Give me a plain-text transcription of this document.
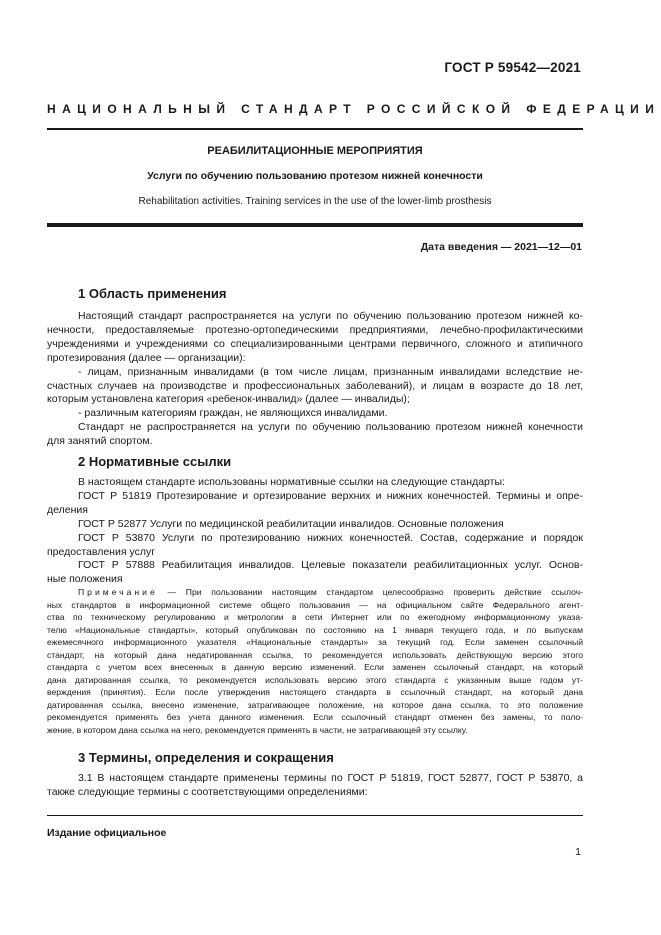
ГОСТ Р 59542—2021
НАЦИОНАЛЬНЫЙ СТАНДАРТ РОССИЙСКОЙ ФЕДЕРАЦИИ
РЕАБИЛИТАЦИОННЫЕ МЕРОПРИЯТИЯ
Услуги по обучению пользованию протезом нижней конечности
Rehabilitation activities. Training services in the use of the lower-limb prosthesis
Дата введения — 2021—12—01
1 Область применения
Настоящий стандарт распространяется на услуги по обучению пользованию протезом нижней ко-
нечности, предоставляемые протезно-ортопедическими предприятиями, лечебно-профилактическими
учреждениями и учреждениями со специализированными центрами первичного, сложного и атипичного
протезирования (далее — организации):
- лицам, признанным инвалидами (в том числе лицам, признанным инвалидами вследствие не-
счастных случаев на производстве и профессиональных заболеваний), и лицам в возрасте до 18 лет,
которым установлена категория «ребенок-инвалид» (далее — инвалиды);
- различным категориям граждан, не являющихся инвалидами.
Стандарт не распространяется на услуги по обучению пользованию протезом нижней конечности
для занятий спортом.
2 Нормативные ссылки
В настоящем стандарте использованы нормативные ссылки на следующие стандарты:
ГОСТ Р 51819 Протезирование и ортезирование верхних и нижних конечностей. Термины и опре-
деления
ГОСТ Р 52877 Услуги по медицинской реабилитации инвалидов. Основные положения
ГОСТ Р 53870 Услуги по протезированию нижних конечностей. Состав, содержание и порядок
предоставления услуг
ГОСТ Р 57888 Реабилитация инвалидов. Целевые показатели реабилитационных услуг. Основ-
ные положения
Примечание — При пользовании настоящим стандартом целесообразно проверить действие ссылоч-
ных стандартов в информационной системе общего пользования — на официальном сайте Федерального агент-
ства по техническому регулированию и метрологии в сети Интернет или по ежегодному информационному указа-
телю «Национальные стандарты», который опубликован по состоянию на 1 января текущего года, и по выпускам
ежемесячного информационного указателя «Национальные стандарты» за текущий год. Если заменен ссылочный
стандарт, на который дана недатированная ссылка, то рекомендуется использовать действующую версию этого
стандарта с учетом всех внесенных в данную версию изменений. Если заменен ссылочный стандарт, на который
дана датированная ссылка, то рекомендуется использовать версию этого стандарта с указанным выше годом ут-
верждения (принятия). Если после утверждения настоящего стандарта в ссылочный стандарт, на который дана
датированная ссылка, внесено изменение, затрагивающее положение, на которое дана ссылка, то это положение
рекомендуется применять без учета данного изменения. Если ссылочный стандарт отменен без замены, то поло-
жение, в котором дана ссылка на него, рекомендуется применять в части, не затрагивающей эту ссылку.
3 Термины, определения и сокращения
3.1 В настоящем стандарте применены термины по ГОСТ Р 51819, ГОСТ 52877, ГОСТ Р 53870, а
также следующие термины с соответствующими определениями:
Издание официальное
1
